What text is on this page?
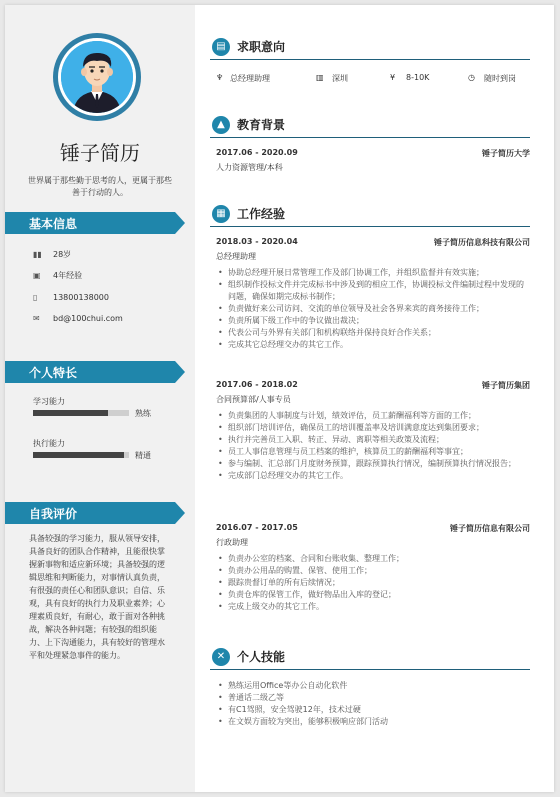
锤子简历
世界属于那些勤于思考的人，更属于那些善于行动的人。
基本信息
▮▮ 28岁
▣ 4年经验
▯ 13800138000
✉ bd@100chui.com
个人特长
学习能力
熟练
执行能力
精通
自我评价
具备较强的学习能力，服从领导安排，具备良好的团队合作精神，且能很快掌握新事物和适应新环境；具备较强的逻辑思维和判断能力，对事情认真负责，有很强的责任心和团队意识；自信、乐观，具有良好的执行力及职业素养；心理素质良好，有耐心，敢于面对各种挑战，解决各种问题；有较强的组织能力、上下沟通能力，具有较好的管理水平和处理紧急事件的能力。
▤ 求职意向
♆ 总经理助理	▥ 深圳	¥ 8-10K	◷ 随时到岗
▲	教育背景
2017.06 - 2020.09	锤子简历大学
人力资源管理/本科
▦ 工作经验
2018.03 - 2020.04	锤子简历信息科技有限公司
总经理助理
• 协助总经理开展日常管理工作及部门协调工作，并组织监督并有效实施；
• 组织制作投标文件并完成标书中涉及到的相应工作，协调投标文件编制过程中发现的问题，确保如期完成标书制作；
• 负责做好来公司访问、交流的单位领导及社会各界来宾的商务接待工作；
• 负责所属下级工作中的争议做出裁决；
• 代表公司与外界有关部门和机构联络并保持良好合作关系；
• 完成其它总经理交办的其它工作。
2017.06 - 2018.02	锤子简历集团
合同预算部/人事专员
• 负责集团的人事制度与计划，绩效评估，员工薪酬福利等方面的工作；
• 组织部门培训评估，确保员工的培训覆盖率及培训满意度达到集团要求；
• 执行并完善员工入职、转正、异动、离职等相关政策及流程；
• 员工人事信息管理与员工档案的维护，核算员工的薪酬福利等事宜；
• 参与编制、汇总部门月度财务预算，跟踪预算执行情况，编制预算执行情况报告；
• 完成部门总经理交办的其它工作。
2016.07 - 2017.05	锤子简历信息有限公司
行政助理
• 负责办公室的档案、合同和台账收集、整理工作；
• 负责办公用品的购置、保管、使用工作；
• 跟踪贵督订单的所有后续情况；
• 负责仓库的保管工作，做好物品出入库的登记；
• 完成上级交办的其它工作。
✕ 个人技能
• 熟练运用Office等办公自动化软件
• 普通话二级乙等
• 有C1驾照，安全驾驶12年，技术过硬
• 在文娱方面较为突出，能够积极响应部门活动
